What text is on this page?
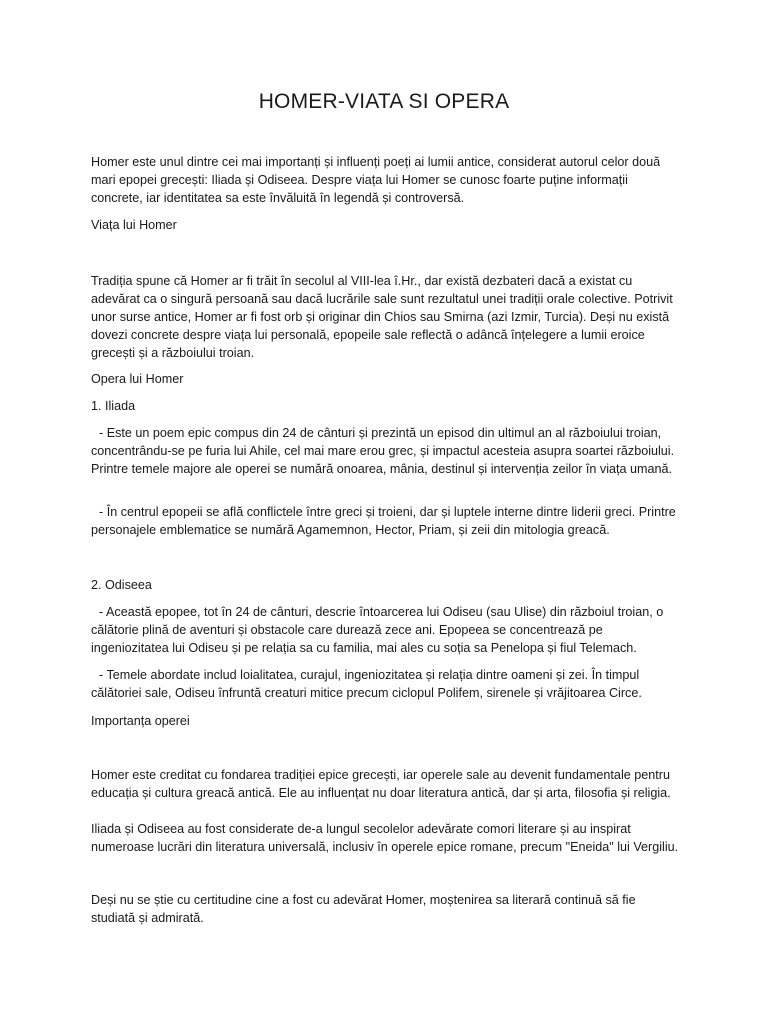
HOMER-VIATA SI OPERA

Homer este unul dintre cei mai importanți și influenți poeți ai lumii antice, considerat autorul celor două mari epopei grecești: Iliada și Odiseea. Despre viața lui Homer se cunosc foarte puține informații concrete, iar identitatea sa este învăluită în legendă și controversă.

Viața lui Homer

Tradiția spune că Homer ar fi trăit în secolul al VIII-lea î.Hr., dar există dezbateri dacă a existat cu adevărat ca o singură persoană sau dacă lucrările sale sunt rezultatul unei tradiții orale colective. Potrivit unor surse antice, Homer ar fi fost orb și originar din Chios sau Smirna (azi Izmir, Turcia). Deși nu există dovezi concrete despre viața lui personală, epopeile sale reflectă o adâncă înțelegere a lumii eroice grecești și a războiului troian.

Opera lui Homer

1. Iliada

- Este un poem epic compus din 24 de cânturi și prezintă un episod din ultimul an al războiului troian, concentrându-se pe furia lui Ahile, cel mai mare erou grec, și impactul acesteia asupra soartei războiului. Printre temele majore ale operei se numără onoarea, mânia, destinul și intervenția zeilor în viața umană.

- În centrul epopeii se află conflictele între greci și troieni, dar și luptele interne dintre liderii greci. Printre personajele emblematice se numără Agamemnon, Hector, Priam, și zeii din mitologia greacă.

2. Odiseea

- Această epopee, tot în 24 de cânturi, descrie întoarcerea lui Odiseu (sau Ulise) din războiul troian, o călătorie plină de aventuri și obstacole care durează zece ani. Epopeea se concentrează pe ingeniozitatea lui Odiseu și pe relația sa cu familia, mai ales cu soția sa Penelopa și fiul Telemach.

- Temele abordate includ loialitatea, curajul, ingeniozitatea și relația dintre oameni și zei. În timpul călătoriei sale, Odiseu înfruntă creaturi mitice precum ciclopul Polifem, sirenele și vrăjitoarea Circe.

Importanța operei

Homer este creditat cu fondarea tradiției epice grecești, iar operele sale au devenit fundamentale pentru educația și cultura greacă antică. Ele au influențat nu doar literatura antică, dar și arta, filosofia și religia.

Iliada și Odiseea au fost considerate de-a lungul secolelor adevărate comori literare și au inspirat numeroase lucrări din literatura universală, inclusiv în operele epice romane, precum "Eneida" lui Vergiliu.

Deși nu se știe cu certitudine cine a fost cu adevărat Homer, moștenirea sa literară continuă să fie studiată și admirată.
